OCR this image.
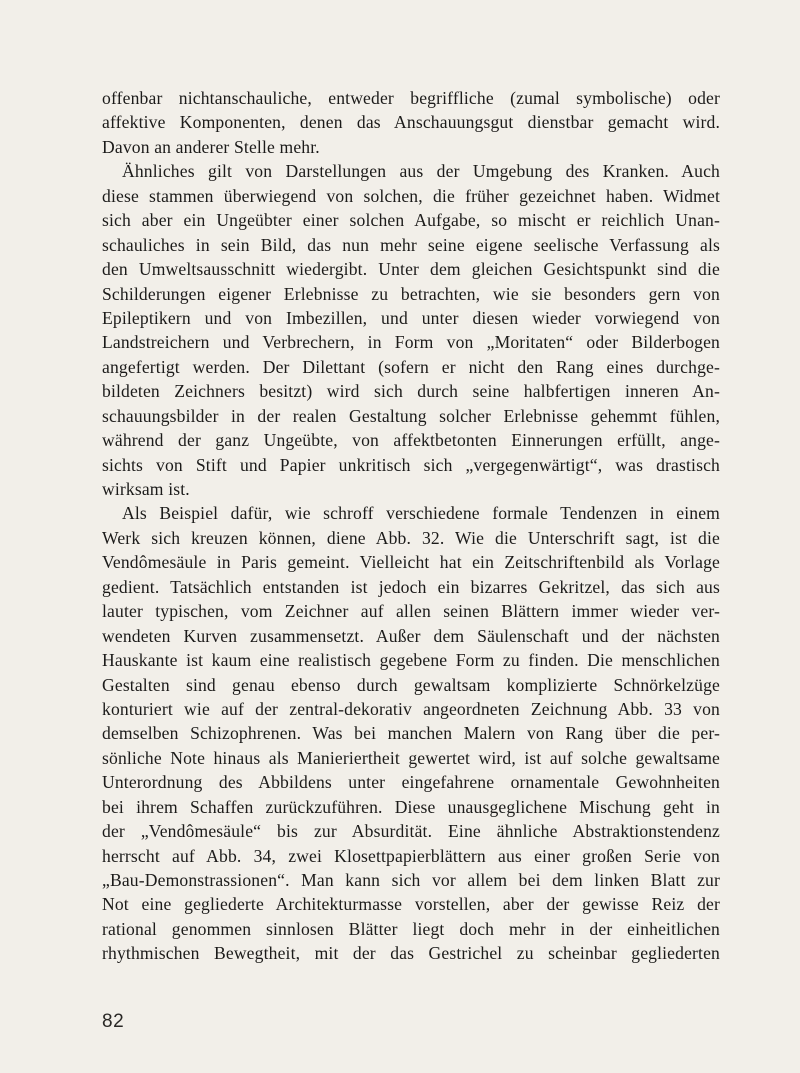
offenbar nichtanschauliche, entweder begriffliche (zumal symbolische) oder
affektive Komponenten, denen das Anschauungsgut dienstbar gemacht wird.
Davon an anderer Stelle mehr.
Ähnliches gilt von Darstellungen aus der Umgebung des Kranken. Auch
diese stammen überwiegend von solchen, die früher gezeichnet haben. Widmet
sich aber ein Ungeübter einer solchen Aufgabe, so mischt er reichlich Unan-
schauliches in sein Bild, das nun mehr seine eigene seelische Verfassung als
den Umweltsausschnitt wiedergibt. Unter dem gleichen Gesichtspunkt sind die
Schilderungen eigener Erlebnisse zu betrachten, wie sie besonders gern von
Epileptikern und von Imbezillen, und unter diesen wieder vorwiegend von
Landstreichern und Verbrechern, in Form von „Moritaten“ oder Bilderbogen
angefertigt werden. Der Dilettant (sofern er nicht den Rang eines durchge-
bildeten Zeichners besitzt) wird sich durch seine halbfertigen inneren An-
schauungsbilder in der realen Gestaltung solcher Erlebnisse gehemmt fühlen,
während der ganz Ungeübte, von affektbetonten Einnerungen erfüllt, ange-
sichts von Stift und Papier unkritisch sich „vergegenwärtigt“, was drastisch
wirksam ist.
Als Beispiel dafür, wie schroff verschiedene formale Tendenzen in einem
Werk sich kreuzen können, diene Abb. 32. Wie die Unterschrift sagt, ist die
Vendômesäule in Paris gemeint. Vielleicht hat ein Zeitschriftenbild als Vorlage
gedient. Tatsächlich entstanden ist jedoch ein bizarres Gekritzel, das sich aus
lauter typischen, vom Zeichner auf allen seinen Blättern immer wieder ver-
wendeten Kurven zusammensetzt. Außer dem Säulenschaft und der nächsten
Hauskante ist kaum eine realistisch gegebene Form zu finden. Die menschlichen
Gestalten sind genau ebenso durch gewaltsam komplizierte Schnörkelzüge
konturiert wie auf der zentral-dekorativ angeordneten Zeichnung Abb. 33 von
demselben Schizophrenen. Was bei manchen Malern von Rang über die per-
sönliche Note hinaus als Manieriertheit gewertet wird, ist auf solche gewaltsame
Unterordnung des Abbildens unter eingefahrene ornamentale Gewohnheiten
bei ihrem Schaffen zurückzuführen. Diese unausgeglichene Mischung geht in
der „Vendômesäule“ bis zur Absurdität. Eine ähnliche Abstraktionstendenz
herrscht auf Abb. 34, zwei Klosettpapierblättern aus einer großen Serie von
„Bau-Demonstrassionen“. Man kann sich vor allem bei dem linken Blatt zur
Not eine gegliederte Architekturmasse vorstellen, aber der gewisse Reiz der
rational genommen sinnlosen Blätter liegt doch mehr in der einheitlichen
rhythmischen Bewegtheit, mit der das Gestrichel zu scheinbar gegliederten
82
